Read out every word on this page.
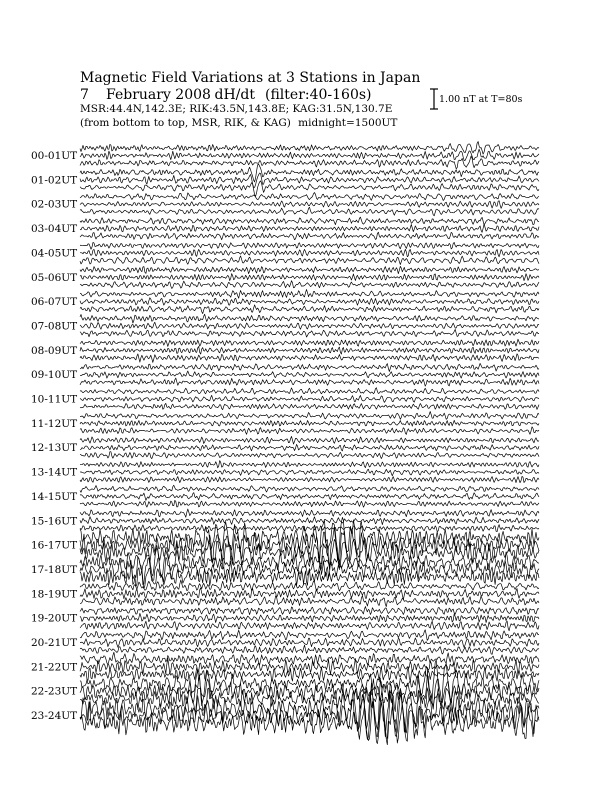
Magnetic Field Variations at 3 Stations in Japan
7 February 2008 dH/dt (filter:40-160s)
MSR:44.4N,142.3E; RIK:43.5N,143.8E; KAG:31.5N,130.7E
(from bottom to top, MSR, RIK, & KAG) midnight=1500UT
1.00 nT at T=80s
00-01UT
01-02UT
02-03UT
03-04UT
04-05UT
05-06UT
06-07UT
07-08UT
08-09UT
09-10UT
10-11UT
11-12UT
12-13UT
13-14UT
14-15UT
15-16UT
16-17UT
17-18UT
18-19UT
19-20UT
20-21UT
21-22UT
22-23UT
23-24UT
